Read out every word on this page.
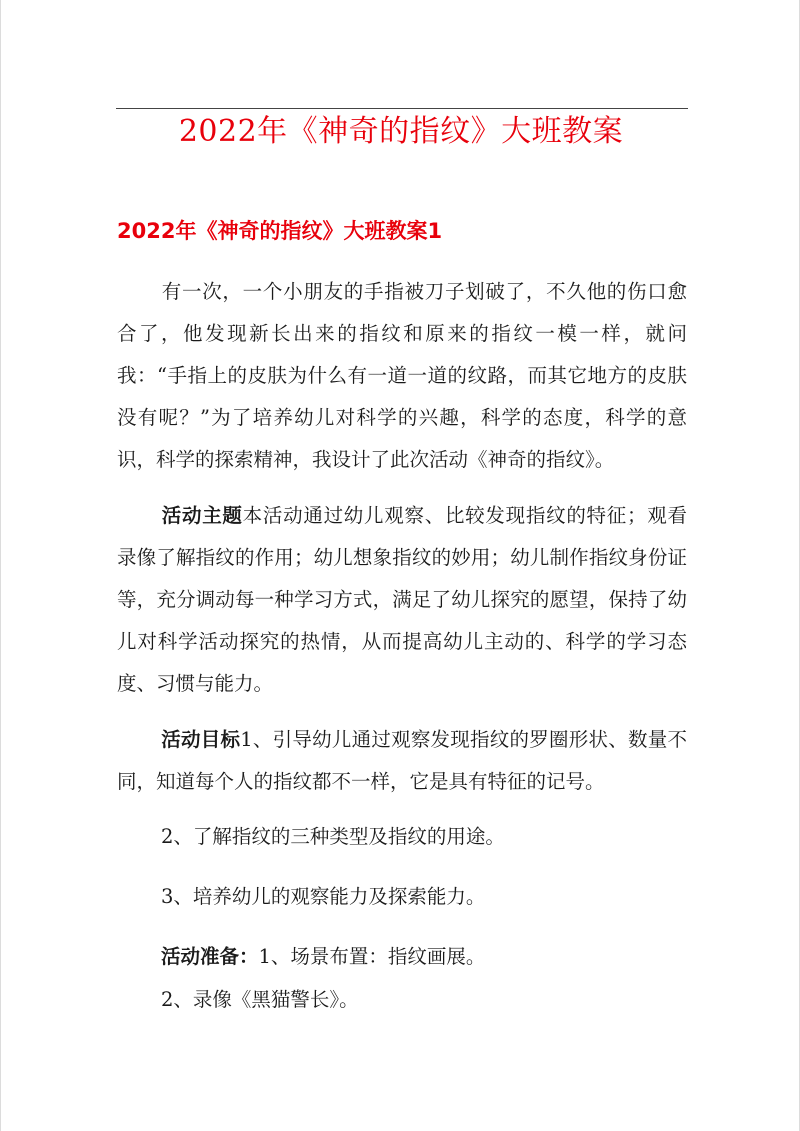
2022年《神奇的指纹》大班教案
2022年《神奇的指纹》大班教案1

有一次，一个小朋友的手指被刀子划破了，不久他的伤口愈合了，他发现新长出来的指纹和原来的指纹一模一样，就问我：“手指上的皮肤为什么有一道一道的纹路，而其它地方的皮肤没有呢？”为了培养幼儿对科学的兴趣，科学的态度，科学的意识，科学的探索精神，我设计了此次活动《神奇的指纹》。

活动主题本活动通过幼儿观察、比较发现指纹的特征；观看录像了解指纹的作用；幼儿想象指纹的妙用；幼儿制作指纹身份证等，充分调动每一种学习方式，满足了幼儿探究的愿望，保持了幼儿对科学活动探究的热情，从而提高幼儿主动的、科学的学习态度、习惯与能力。

活动目标1、引导幼儿通过观察发现指纹的罗圈形状、数量不同，知道每个人的指纹都不一样，它是具有特征的记号。

2、了解指纹的三种类型及指纹的用途。

3、培养幼儿的观察能力及探索能力。

活动准备：1、场景布置：指纹画展。

2、录像《黑猫警长》。
